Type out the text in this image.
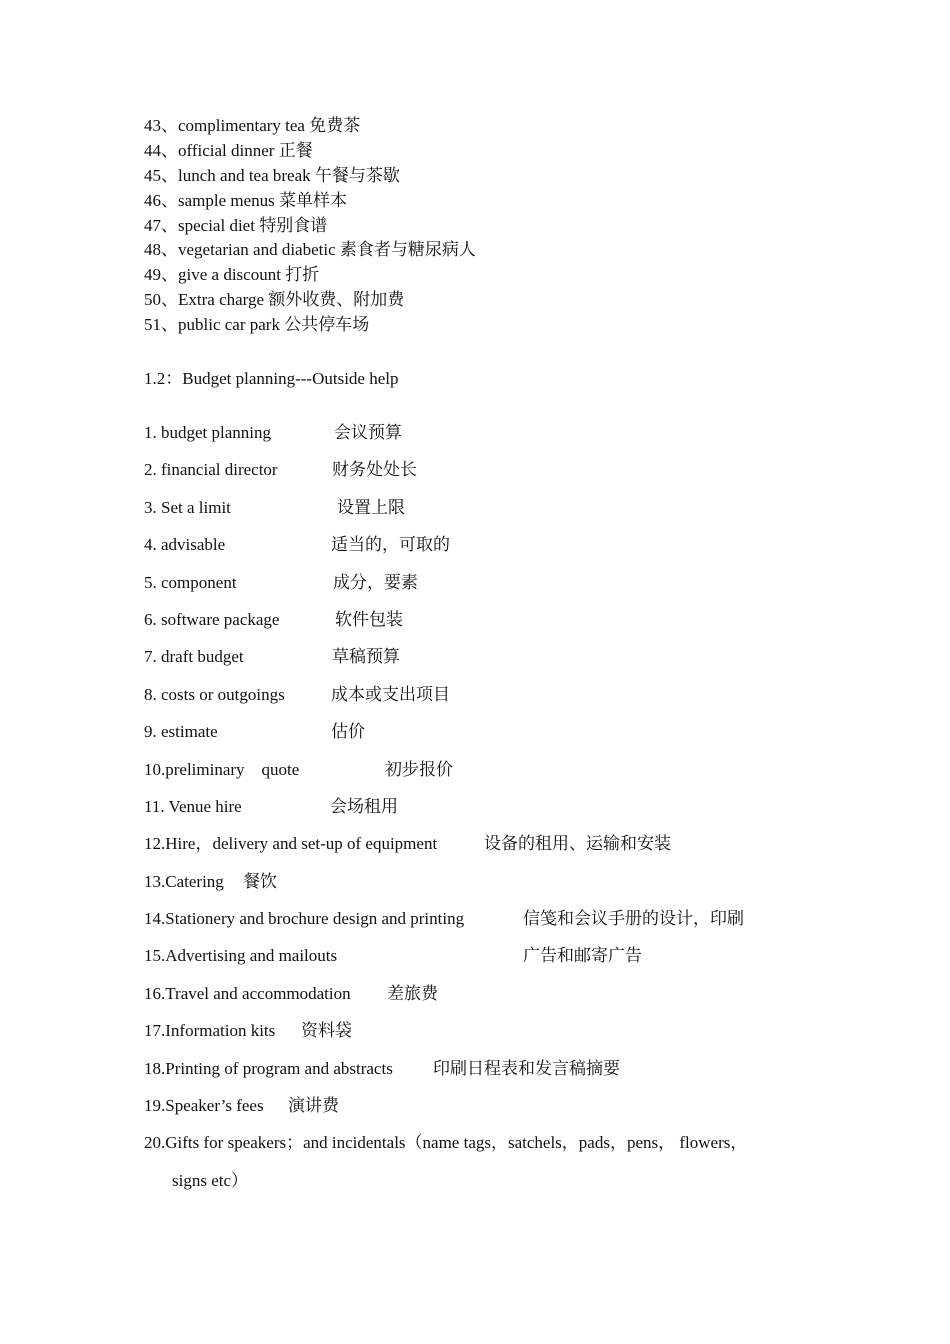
43、complimentary tea 免费茶
44、official dinner 正餐
45、lunch and tea break 午餐与茶歇
46、sample menus 菜单样本
47、special diet 特别食谱
48、vegetarian and diabetic 素食者与糖尿病人
49、give a discount 打折
50、Extra charge 额外收费、附加费
51、public car park 公共停车场
1.2：Budget planning---Outside help
1. budget planning	会议预算
2. financial director	财务处处长
3. Set a limit	设置上限
4. advisable	适当的，可取的
5. component	成分，要素
6. software package	软件包装
7. draft budget	草稿预算
8. costs or outgoings	成本或支出项目
9. estimate	估价
10.preliminary    quote	初步报价
11. Venue hire	会场租用
12.Hire，delivery and set-up of equipment	设备的租用、运输和安装
13.Catering 餐饮
14.Stationery and brochure design and printing	信笺和会议手册的设计，印刷
15.Advertising and mailouts	广告和邮寄广告
16.Travel and accommodation 差旅费
17.Information kits 资料袋
18.Printing of program and abstracts 印刷日程表和发言稿摘要
19.Speaker’s fees 演讲费
20.Gifts for speakers；and incidentals（name tags，satchels，pads，pens， flowers，
signs etc）
